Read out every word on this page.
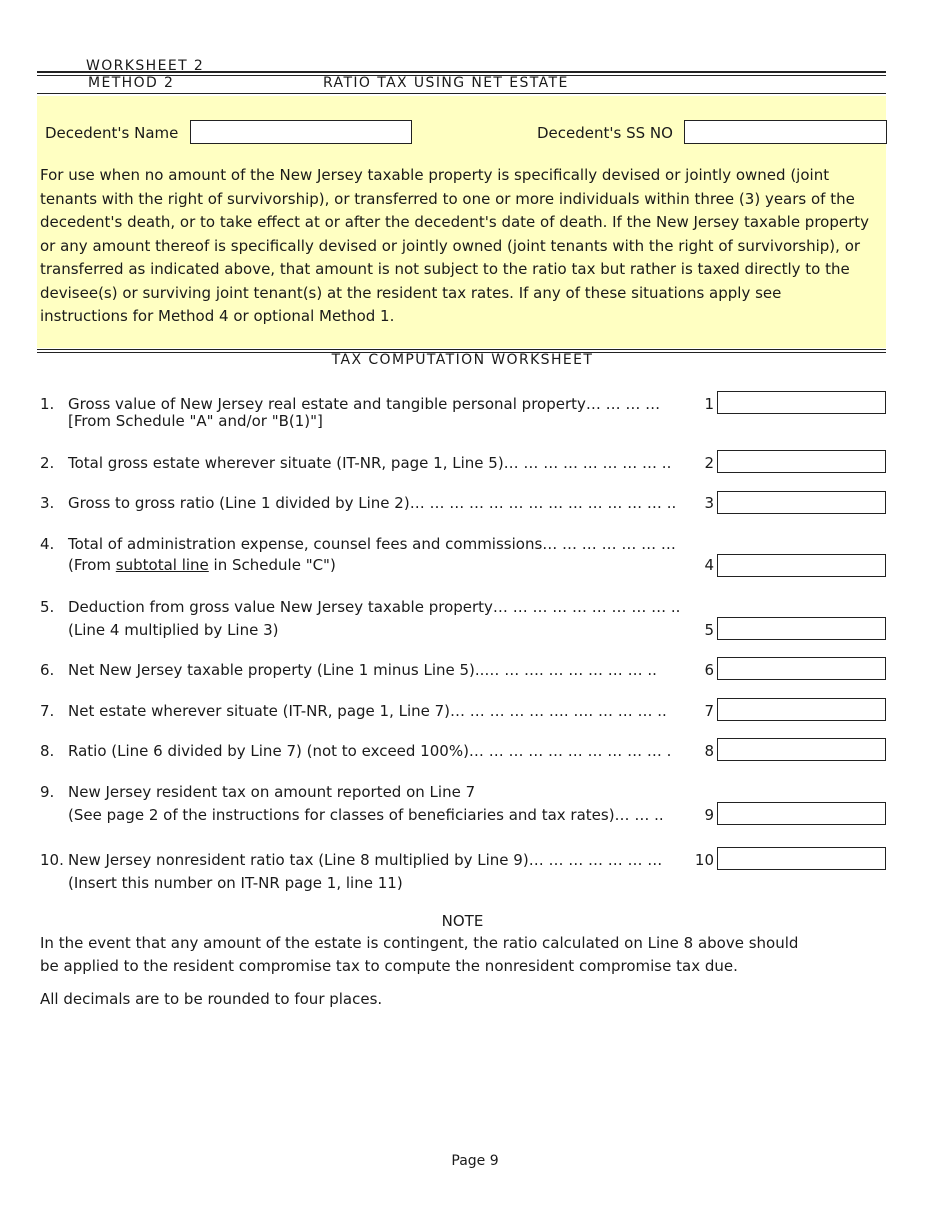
WORKSHEET 2
METHOD 2	RATIO TAX USING NET ESTATE
Decedent's Name	Decedent's SS NO
For use when no amount of the New Jersey taxable property is specifically devised or jointly owned (joint tenants with the right of survivorship), or transferred to one or more individuals within three (3) years of the decedent's death, or to take effect at or after the decedent's date of death. If the New Jersey taxable property or any amount thereof is specifically devised or jointly owned (joint tenants with the right of survivorship), or transferred as indicated above, that amount is not subject to the ratio tax but rather is taxed directly to the devisee(s) or surviving joint tenant(s) at the resident tax rates. If any of these situations apply see instructions for Method 4 or optional Method 1.
TAX COMPUTATION WORKSHEET
1. Gross value of New Jersey real estate and tangible personal property… … … …
[From Schedule "A" and/or "B(1)"]
1
2. Total gross estate wherever situate (IT-NR, page 1, Line 5)… … … … … … … … ..	2
3. Gross to gross ratio (Line 1 divided by Line 2)… … … … … … … … … … … … … ..	3
4. Total of administration expense, counsel fees and commissions… … … … … … …
(From subtotal line in Schedule "C")	4
5. Deduction from gross value New Jersey taxable property… … … … … … … … … ..
(Line 4 multiplied by Line 3)	5
6. Net New Jersey taxable property (Line 1 minus Line 5)..… … …. … … … … … ..	6
7. Net estate wherever situate (IT-NR, page 1, Line 7)… … … … … …. …. … … … ..	7
8. Ratio (Line 6 divided by Line 7) (not to exceed 100%)… … … … … … … … … … .	8
9. New Jersey resident tax on amount reported on Line 7
(See page 2 of the instructions for classes of beneficiaries and tax rates)… … ..	9
10. New Jersey nonresident ratio tax (Line 8 multiplied by Line 9)… … … … … … …
(Insert this number on IT-NR page 1, line 11)
10
NOTE
In the event that any amount of the estate is contingent, the ratio calculated on Line 8 above should be applied to the resident compromise tax to compute the nonresident compromise tax due.
All decimals are to be rounded to four places.
Page 9
